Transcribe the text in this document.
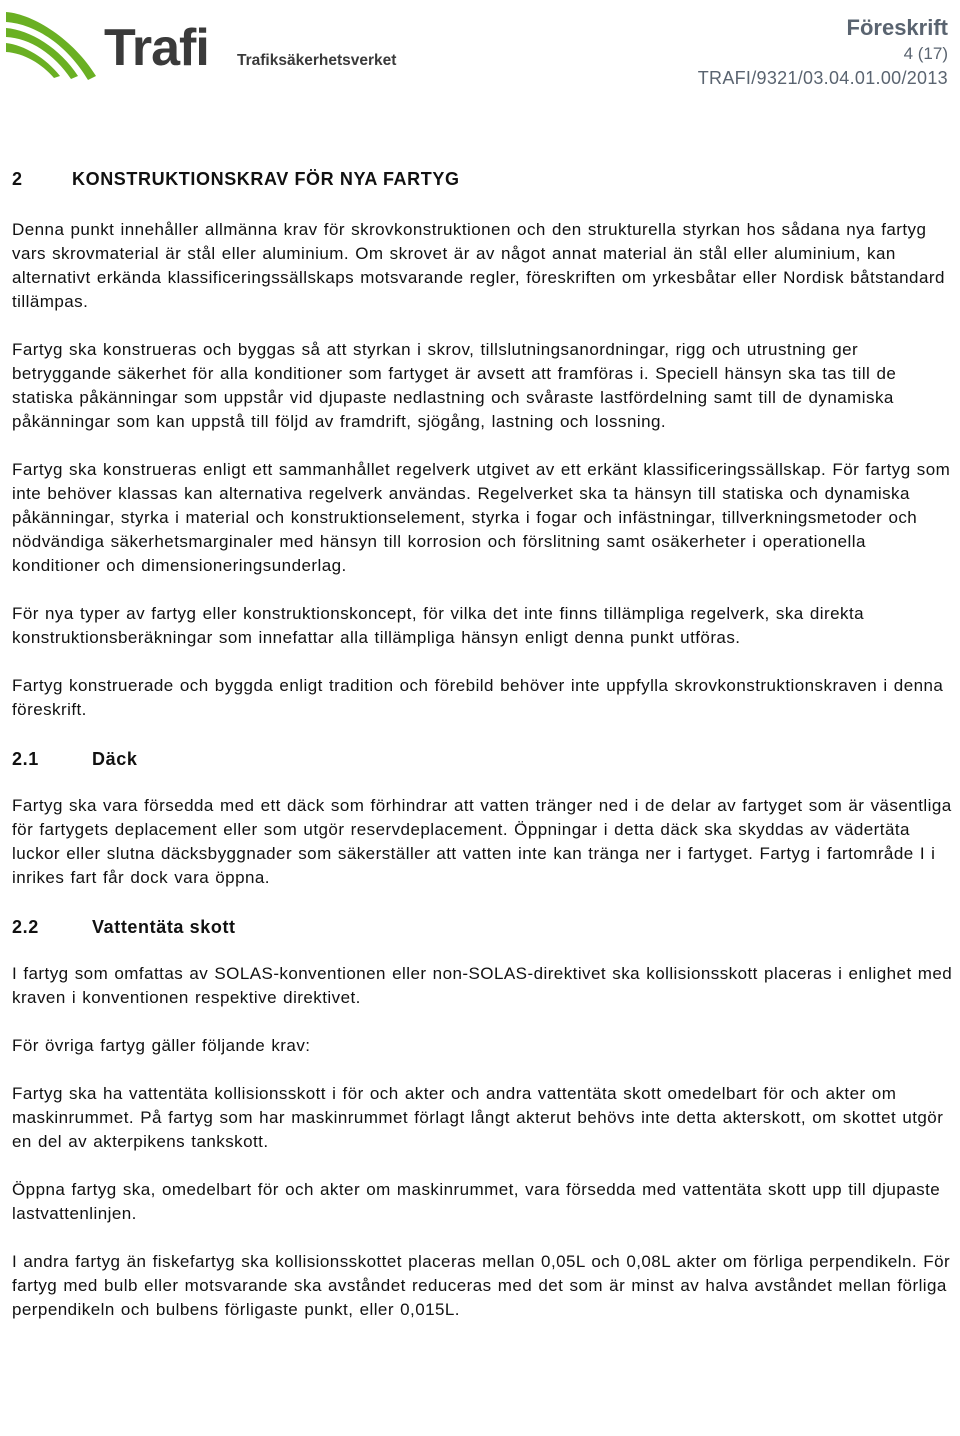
Trafi Trafiksäkerhetsverket
Föreskrift
4 (17)
TRAFI/9321/03.04.01.00/2013
2	KONSTRUKTIONSKRAV FÖR NYA FARTYG

Denna punkt innehåller allmänna krav för skrovkonstruktionen och den strukturella styrkan hos sådana nya fartyg vars skrovmaterial är stål eller aluminium. Om skrovet är av något annat material än stål eller aluminium, kan alternativt erkända klassificeringssällskaps motsvarande regler, föreskriften om yrkesbåtar eller Nordisk båtstandard tillämpas.

Fartyg ska konstrueras och byggas så att styrkan i skrov, tillslutningsanordningar, rigg och utrustning ger betryggande säkerhet för alla konditioner som fartyget är avsett att framföras i. Speciell hänsyn ska tas till de statiska påkänningar som uppstår vid djupaste nedlastning och svåraste lastfördelning samt till de dynamiska påkänningar som kan uppstå till följd av framdrift, sjögång, lastning och lossning.

Fartyg ska konstrueras enligt ett sammanhållet regelverk utgivet av ett erkänt klassificeringssällskap. För fartyg som inte behöver klassas kan alternativa regelverk användas. Regelverket ska ta hänsyn till statiska och dynamiska påkänningar, styrka i material och konstruktionselement, styrka i fogar och infästningar, tillverkningsmetoder och nödvändiga säkerhetsmarginaler med hänsyn till korrosion och förslitning samt osäkerheter i operationella konditioner och dimensioneringsunderlag.

För nya typer av fartyg eller konstruktionskoncept, för vilka det inte finns tillämpliga regelverk, ska direkta konstruktionsberäkningar som innefattar alla tillämpliga hänsyn enligt denna punkt utföras.

Fartyg konstruerade och byggda enligt tradition och förebild behöver inte uppfylla skrovkonstruktionskraven i denna föreskrift.

2.1	Däck

Fartyg ska vara försedda med ett däck som förhindrar att vatten tränger ned i de delar av fartyget som är väsentliga för fartygets deplacement eller som utgör reservdeplacement. Öppningar i detta däck ska skyddas av vädertäta luckor eller slutna däcksbyggnader som säkerställer att vatten inte kan tränga ner i fartyget. Fartyg i fartområde I i inrikes fart får dock vara öppna.

2.2	Vattentäta skott

I fartyg som omfattas av SOLAS-konventionen eller non-SOLAS-direktivet ska kollisionsskott placeras i enlighet med kraven i konventionen respektive direktivet.

För övriga fartyg gäller följande krav:

Fartyg ska ha vattentäta kollisionsskott i för och akter och andra vattentäta skott omedelbart för och akter om maskinrummet. På fartyg som har maskinrummet förlagt långt akterut behövs inte detta akterskott, om skottet utgör en del av akterpikens tankskott.

Öppna fartyg ska, omedelbart för och akter om maskinrummet, vara försedda med vattentäta skott upp till djupaste lastvattenlinjen.

I andra fartyg än fiskefartyg ska kollisionsskottet placeras mellan 0,05L och 0,08L akter om förliga perpendikeln. För fartyg med bulb eller motsvarande ska avståndet reduceras med det som är minst av halva avståndet mellan förliga perpendikeln och bulbens förligaste punkt, eller 0,015L.
